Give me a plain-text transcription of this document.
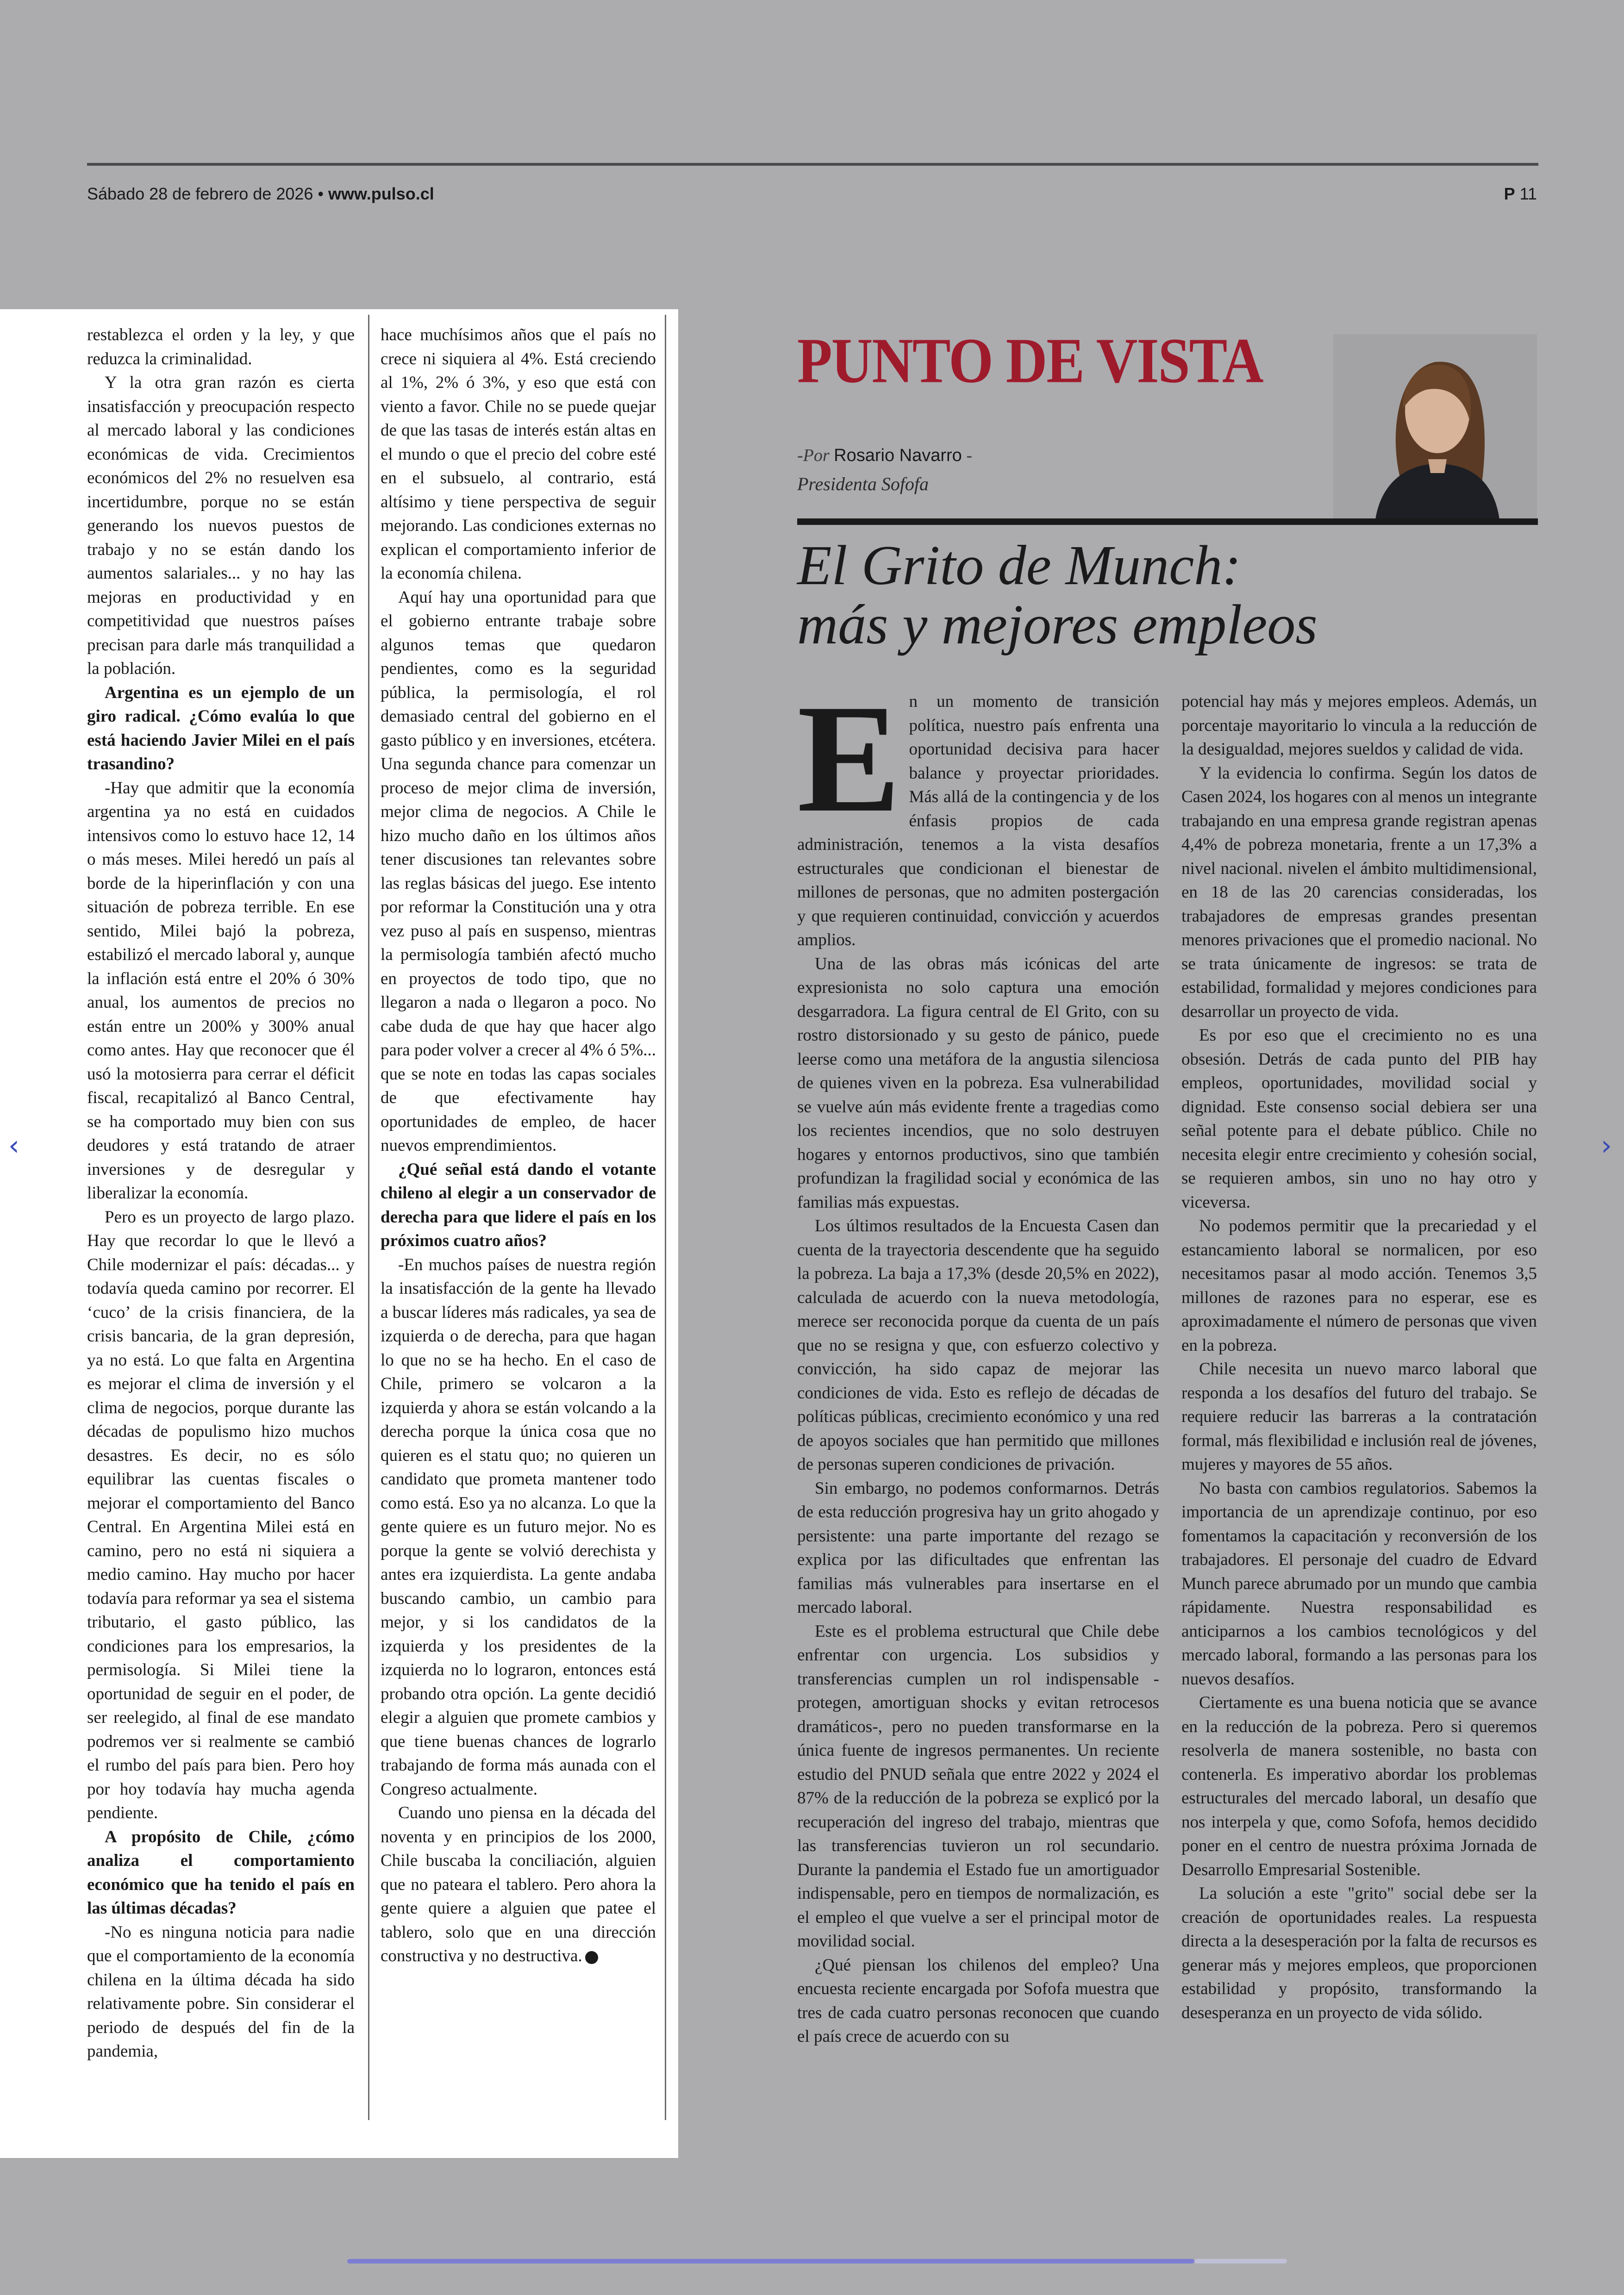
Sábado 28 de febrero de 2026 • www.pulso.cl	P 11

restablezca el orden y la ley, y que reduzca la criminalidad.

Y la otra gran razón es cierta insatisfacción y preocupación respecto al mercado laboral y las condiciones económicas de vida. Crecimientos económicos del 2% no resuelven esa incertidumbre, porque no se están generando los nuevos puestos de trabajo y no se están dando los aumentos salariales... y no hay las mejoras en productividad y en competitividad que nuestros países precisan para darle más tranquilidad a la población.

Argentina es un ejemplo de un giro radical. ¿Cómo evalúa lo que está haciendo Javier Milei en el país trasandino?

-Hay que admitir que la economía argentina ya no está en cuidados intensivos como lo estuvo hace 12, 14 o más meses. Milei heredó un país al borde de la hiperinflación y con una situación de pobreza terrible. En ese sentido, Milei bajó la pobreza, estabilizó el mercado laboral y, aunque la inflación está entre el 20% ó 30% anual, los aumentos de precios no están entre un 200% y 300% anual como antes. Hay que reconocer que él usó la motosierra para cerrar el déficit fiscal, recapitalizó al Banco Central, se ha comportado muy bien con sus deudores y está tratando de atraer inversiones y de desregular y liberalizar la economía.

Pero es un proyecto de largo plazo. Hay que recordar lo que le llevó a Chile modernizar el país: décadas... y todavía queda camino por recorrer. El ‘cuco’ de la crisis financiera, de la crisis bancaria, de la gran depresión, ya no está. Lo que falta en Argentina es mejorar el clima de inversión y el clima de negocios, porque durante las décadas de populismo hizo muchos desastres. Es decir, no es sólo equilibrar las cuentas fiscales o mejorar el comportamiento del Banco Central. En Argentina Milei está en camino, pero no está ni siquiera a medio camino. Hay mucho por hacer todavía para reformar ya sea el sistema tributario, el gasto público, las condiciones para los empresarios, la permisología. Si Milei tiene la oportunidad de seguir en el poder, de ser reelegido, al final de ese mandato podremos ver si realmente se cambió el rumbo del país para bien. Pero hoy por hoy todavía hay mucha agenda pendiente.

A propósito de Chile, ¿cómo analiza el comportamiento económico que ha tenido el país en las últimas décadas?

-No es ninguna noticia para nadie que el comportamiento de la economía chilena en la última década ha sido relativamente pobre. Sin considerar el periodo de después del fin de la pandemia,

hace muchísimos años que el país no crece ni siquiera al 4%. Está creciendo al 1%, 2% ó 3%, y eso que está con viento a favor. Chile no se puede quejar de que las tasas de interés están altas en el mundo o que el precio del cobre esté en el subsuelo, al contrario, está altísimo y tiene perspectiva de seguir mejorando. Las condiciones externas no explican el comportamiento inferior de la economía chilena.

Aquí hay una oportunidad para que el gobierno entrante trabaje sobre algunos temas que quedaron pendientes, como es la seguridad pública, la permisología, el rol demasiado central del gobierno en el gasto público y en inversiones, etcétera. Una segunda chance para comenzar un proceso de mejor clima de inversión, mejor clima de negocios. A Chile le hizo mucho daño en los últimos años tener discusiones tan relevantes sobre las reglas básicas del juego. Ese intento por reformar la Constitución una y otra vez puso al país en suspenso, mientras la permisología también afectó mucho en proyectos de todo tipo, que no llegaron a nada o llegaron a poco. No cabe duda de que hay que hacer algo para poder volver a crecer al 4% ó 5%... que se note en todas las capas sociales de que efectivamente hay oportunidades de empleo, de hacer nuevos emprendimientos.

¿Qué señal está dando el votante chileno al elegir a un conservador de derecha para que lidere el país en los próximos cuatro años?

-En muchos países de nuestra región la insatisfacción de la gente ha llevado a buscar líderes más radicales, ya sea de izquierda o de derecha, para que hagan lo que no se ha hecho. En el caso de Chile, primero se volcaron a la izquierda y ahora se están volcando a la derecha porque la única cosa que no quieren es el statu quo; no quieren un candidato que prometa mantener todo como está. Eso ya no alcanza. Lo que la gente quiere es un futuro mejor. No es porque la gente se volvió derechista y antes era izquierdista. La gente andaba buscando cambio, un cambio para mejor, y si los candidatos de la izquierda y los presidentes de la izquierda no lo lograron, entonces está probando otra opción. La gente decidió elegir a alguien que promete cambios y que tiene buenas chances de lograrlo trabajando de forma más aunada con el Congreso actualmente.

Cuando uno piensa en la década del noventa y en principios de los 2000, Chile buscaba la conciliación, alguien que no pateara el tablero. Pero ahora la gente quiere a alguien que patee el tablero, solo que en una dirección constructiva y no destructiva.

PUNTO DE VISTA
-Por Rosario Navarro -
Presidenta Sofofa
El Grito de Munch:
más y mejores empleos

En un momento de transición política, nuestro país enfrenta una oportunidad decisiva para hacer balance y proyectar prioridades. Más allá de la contingencia y de los énfasis propios de cada administración, tenemos a la vista desafíos estructurales que condicionan el bienestar de millones de personas, que no admiten postergación y que requieren continuidad, convicción y acuerdos amplios.

Una de las obras más icónicas del arte expresionista no solo captura una emoción desgarradora. La figura central de El Grito, con su rostro distorsionado y su gesto de pánico, puede leerse como una metáfora de la angustia silenciosa de quienes viven en la pobreza. Esa vulnerabilidad se vuelve aún más evidente frente a tragedias como los recientes incendios, que no solo destruyen hogares y entornos productivos, sino que también profundizan la fragilidad social y económica de las familias más expuestas.

Los últimos resultados de la Encuesta Casen dan cuenta de la trayectoria descendente que ha seguido la pobreza. La baja a 17,3% (desde 20,5% en 2022), calculada de acuerdo con la nueva metodología, merece ser reconocida porque da cuenta de un país que no se resigna y que, con esfuerzo colectivo y convicción, ha sido capaz de mejorar las condiciones de vida. Esto es reflejo de décadas de políticas públicas, crecimiento económico y una red de apoyos sociales que han permitido que millones de personas superen condiciones de privación.

Sin embargo, no podemos conformarnos. Detrás de esta reducción progresiva hay un grito ahogado y persistente: una parte importante del rezago se explica por las dificultades que enfrentan las familias más vulnerables para insertarse en el mercado laboral.

Este es el problema estructural que Chile debe enfrentar con urgencia. Los subsidios y transferencias cumplen un rol indispensable -protegen, amortiguan shocks y evitan retrocesos dramáticos-, pero no pueden transformarse en la única fuente de ingresos permanentes. Un reciente estudio del PNUD señala que entre 2022 y 2024 el 87% de la reducción de la pobreza se explicó por la recuperación del ingreso del trabajo, mientras que las transferencias tuvieron un rol secundario. Durante la pandemia el Estado fue un amortiguador indispensable, pero en tiempos de normalización, es el empleo el que vuelve a ser el principal motor de movilidad social.

¿Qué piensan los chilenos del empleo? Una encuesta reciente encargada por Sofofa muestra que tres de cada cuatro personas reconocen que cuando el país crece de acuerdo con su

potencial hay más y mejores empleos. Además, un porcentaje mayoritario lo vincula a la reducción de la desigualdad, mejores sueldos y calidad de vida.

Y la evidencia lo confirma. Según los datos de Casen 2024, los hogares con al menos un integrante trabajando en una empresa grande registran apenas 4,4% de pobreza monetaria, frente a un 17,3% a nivel nacional. nivelen el ámbito multidimensional, en 18 de las 20 carencias consideradas, los trabajadores de empresas grandes presentan menores privaciones que el promedio nacional. No se trata únicamente de ingresos: se trata de estabilidad, formalidad y mejores condiciones para desarrollar un proyecto de vida.

Es por eso que el crecimiento no es una obsesión. Detrás de cada punto del PIB hay empleos, oportunidades, movilidad social y dignidad. Este consenso social debiera ser una señal potente para el debate público. Chile no necesita elegir entre crecimiento y cohesión social, se requieren ambos, sin uno no hay otro y viceversa.

No podemos permitir que la precariedad y el estancamiento laboral se normalicen, por eso necesitamos pasar al modo acción. Tenemos 3,5 millones de razones para no esperar, ese es aproximadamente el número de personas que viven en la pobreza.

Chile necesita un nuevo marco laboral que responda a los desafíos del futuro del trabajo. Se requiere reducir las barreras a la contratación formal, más flexibilidad e inclusión real de jóvenes, mujeres y mayores de 55 años.

No basta con cambios regulatorios. Sabemos la importancia de un aprendizaje continuo, por eso fomentamos la capacitación y reconversión de los trabajadores. El personaje del cuadro de Edvard Munch parece abrumado por un mundo que cambia rápidamente. Nuestra responsabilidad es anticiparnos a los cambios tecnológicos y del mercado laboral, formando a las personas para los nuevos desafíos.

Ciertamente es una buena noticia que se avance en la reducción de la pobreza. Pero si queremos resolverla de manera sostenible, no basta con contenerla. Es imperativo abordar los problemas estructurales del mercado laboral, un desafío que nos interpela y que, como Sofofa, hemos decidido poner en el centro de nuestra próxima Jornada de Desarrollo Empresarial Sostenible.

La solución a este "grito" social debe ser la creación de oportunidades reales. La respuesta directa a la desesperación por la falta de recursos es generar más y mejores empleos, que proporcionen estabilidad y propósito, transformando la desesperanza en un proyecto de vida sólido.

‹	›
